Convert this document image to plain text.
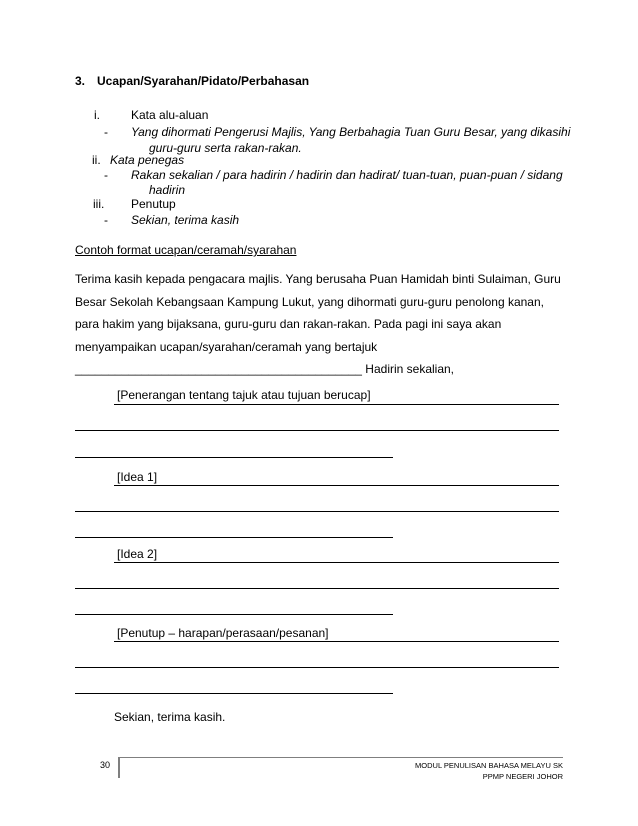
3. Ucapan/Syarahan/Pidato/Perbahasan
i.	Kata alu-aluan
- Yang dihormati Pengerusi Majlis, Yang Berbahagia Tuan Guru Besar, yang dikasihi
guru-guru serta rakan-rakan.
ii. Kata penegas
- Rakan sekalian / para hadirin / hadirin dan hadirat/ tuan-tuan, puan-puan / sidang
hadirin
iii. Penutup
- Sekian, terima kasih
Contoh format ucapan/ceramah/syarahan
Terima kasih kepada pengacara majlis. Yang berusaha Puan Hamidah binti Sulaiman, Guru Besar Sekolah Kebangsaan Kampung Lukut, yang dihormati guru-guru penolong kanan, para hakim yang bijaksana, guru-guru dan rakan-rakan. Pada pagi ini saya akan menyampaikan ucapan/syarahan/ceramah yang bertajuk ___________________________________________ Hadirin sekalian,
[Penerangan tentang tajuk atau tujuan berucap]
[Idea 1]
[Idea 2]
[Penutup – harapan/perasaan/pesanan]
Sekian, terima kasih.
30	MODUL PENULISAN BAHASA MELAYU SK
PPMP NEGERI JOHOR
